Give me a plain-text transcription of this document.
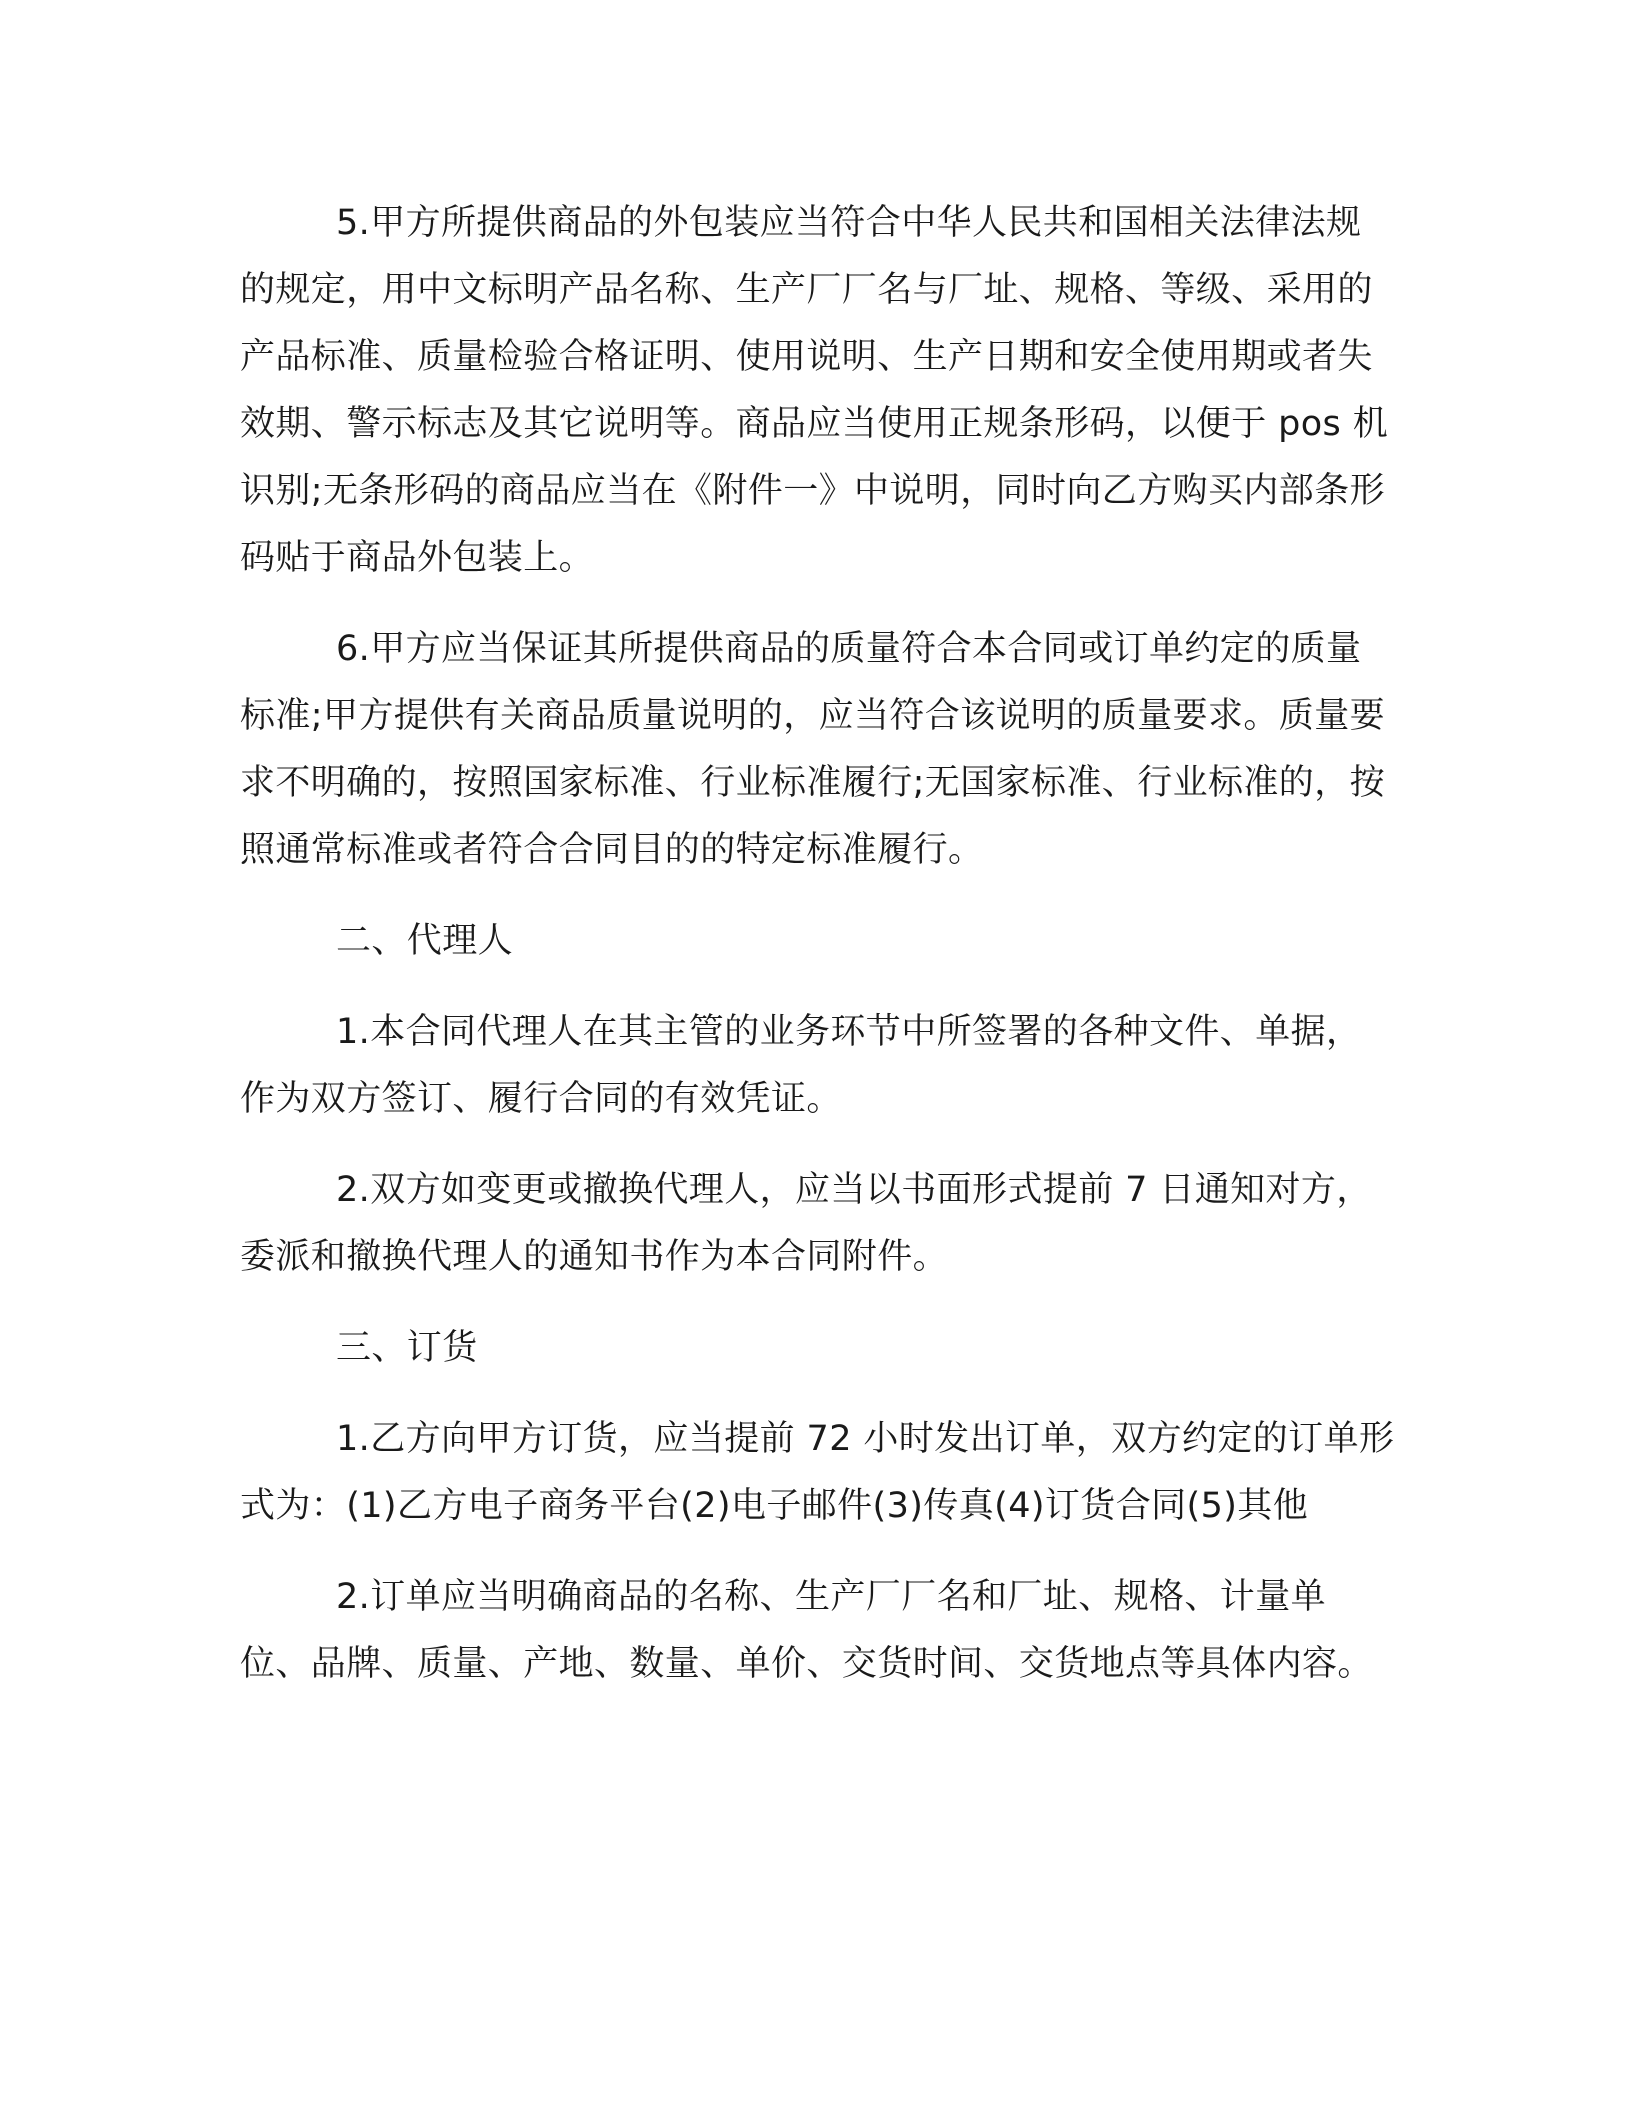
5.甲方所提供商品的外包装应当符合中华人民共和国相关法律法规的规定，用中文标明产品名称、生产厂厂名与厂址、规格、等级、采用的产品标准、质量检验合格证明、使用说明、生产日期和安全使用期或者失效期、警示标志及其它说明等。商品应当使用正规条形码，以便于 pos 机识别;无条形码的商品应当在《附件一》中说明，同时向乙方购买内部条形码贴于商品外包装上。

6.甲方应当保证其所提供商品的质量符合本合同或订单约定的质量标准;甲方提供有关商品质量说明的，应当符合该说明的质量要求。质量要求不明确的，按照国家标准、行业标准履行;无国家标准、行业标准的，按照通常标准或者符合合同目的的特定标准履行。

二、代理人

1.本合同代理人在其主管的业务环节中所签署的各种文件、单据，作为双方签订、履行合同的有效凭证。

2.双方如变更或撤换代理人，应当以书面形式提前 7 日通知对方，委派和撤换代理人的通知书作为本合同附件。

三、订货

1.乙方向甲方订货，应当提前 72 小时发出订单，双方约定的订单形式为：(1)乙方电子商务平台(2)电子邮件(3)传真(4)订货合同(5)其他

2.订单应当明确商品的名称、生产厂厂名和厂址、规格、计量单位、品牌、质量、产地、数量、单价、交货时间、交货地点等具体内容。
